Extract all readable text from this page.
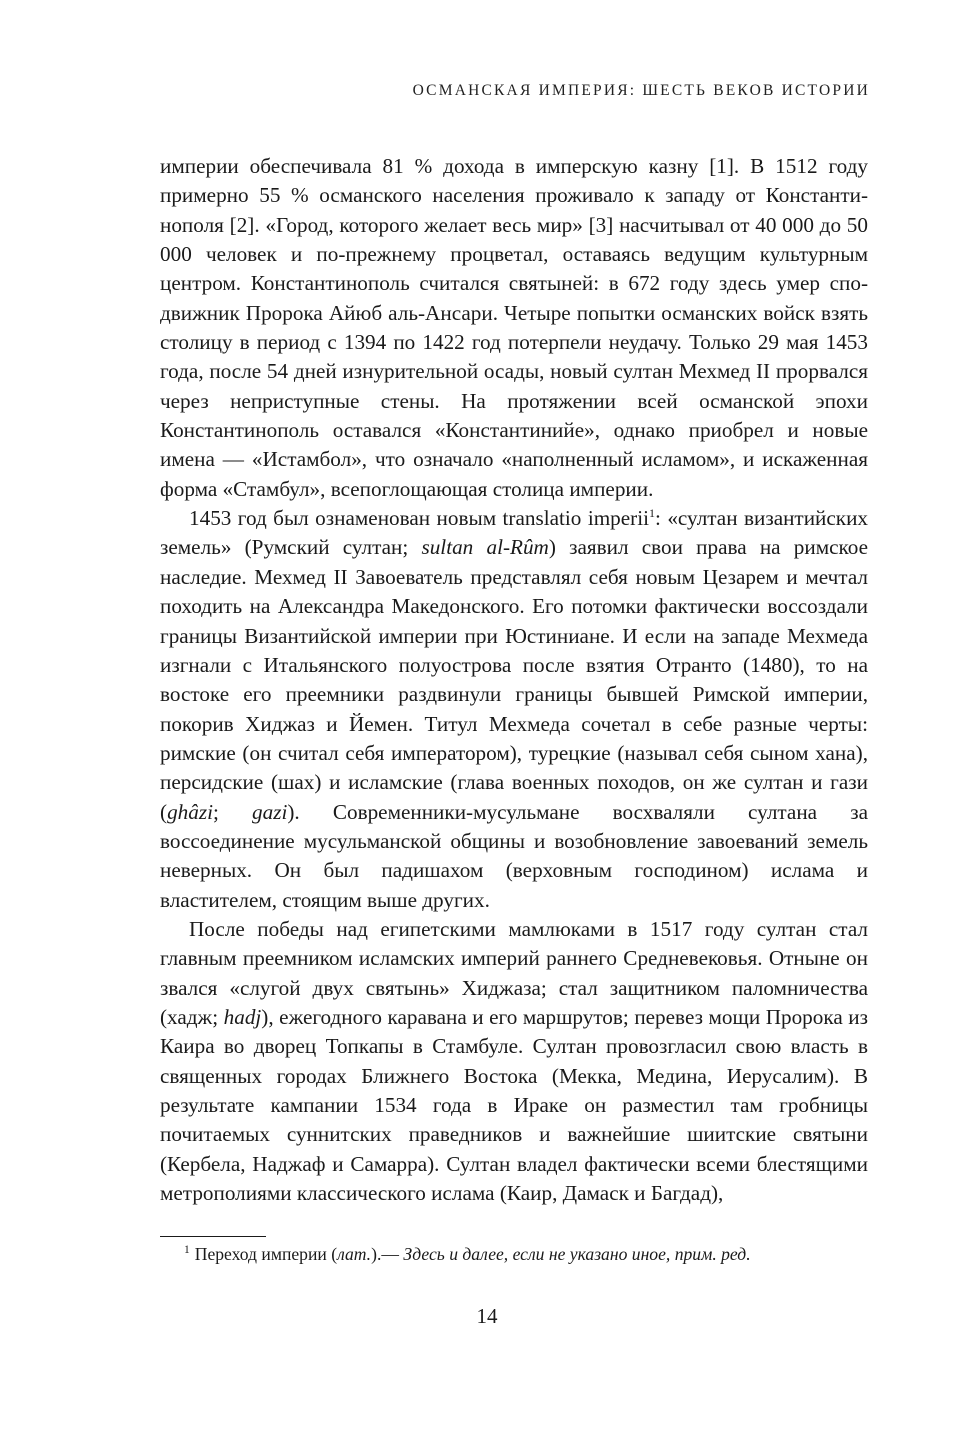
ОСМАНСКАЯ ИМПЕРИЯ: ШЕСТЬ ВЕКОВ ИСТОРИИ

империи обеспечивала 81 % дохода в имперскую казну [1]. В 1512 году примерно 55 % османского населения проживало к западу от Константинополя [2]. «Город, которого желает весь мир» [3] насчитывал от 40 000 до 50 000 человек и по-прежнему процветал, оставаясь ведущим культурным центром. Константинополь считался святыней: в 672 году здесь умер сподвижник Пророка Айюб аль-Ансари. Четыре попытки османских войск взять столицу в период с 1394 по 1422 год потерпели неудачу. Только 29 мая 1453 года, после 54 дней изнурительной осады, новый султан Мехмед II прорвался через неприступные стены. На протяжении всей османской эпохи Константинополь оставался «Константинийе», однако приобрел и новые имена — «Истамбол», что означало «наполненный исламом», и искаженная форма «Стамбул», всепоглощающая столица империи.

1453 год был ознаменован новым translatio imperii$^1$: «султан византийских земель» (Румский султан; sultan al-Rûm) заявил свои права на римское наследие. Мехмед II Завоеватель представлял себя новым Цезарем и мечтал походить на Александра Македонского. Его потомки фактически воссоздали границы Византийской империи при Юстиниане. И если на западе Мехмеда изгнали с Итальянского полуострова после взятия Отранто (1480), то на востоке его преемники раздвинули границы бывшей Римской империи, покорив Хиджаз и Йемен. Титул Мехмеда сочетал в себе разные черты: римские (он считал себя императором), турецкие (называл себя сыном хана), персидские (шах) и исламские (глава военных походов, он же султан и гази (ghâzi; gazi). Современники-мусульмане восхваляли султана за воссоединение мусульманской общины и возобновление завоеваний земель неверных. Он был падишахом (верховным господином) ислама и властителем, стоящим выше других.

После победы над египетскими мамлюками в 1517 году султан стал главным преемником исламских империй раннего Средневековья. Отныне он звался «слугой двух святынь» Хиджаза; стал защитником паломничества (хадж; hadj), ежегодного каравана и его маршрутов; перевез мощи Пророка из Каира во дворец Топкапы в Стамбуле. Султан провозгласил свою власть в священных городах Ближнего Востока (Мекка, Медина, Иерусалим). В результате кампании 1534 года в Ираке он разместил там гробницы почитаемых суннитских праведников и важнейшие шиитские святыни (Кербела, Наджаф и Самарра). Султан владел фактически всеми блестящими метрополиями классического ислама (Каир, Дамаск и Багдад),

$^1$ Переход империи (лат.).— Здесь и далее, если не указано иное, прим. ред.
14
